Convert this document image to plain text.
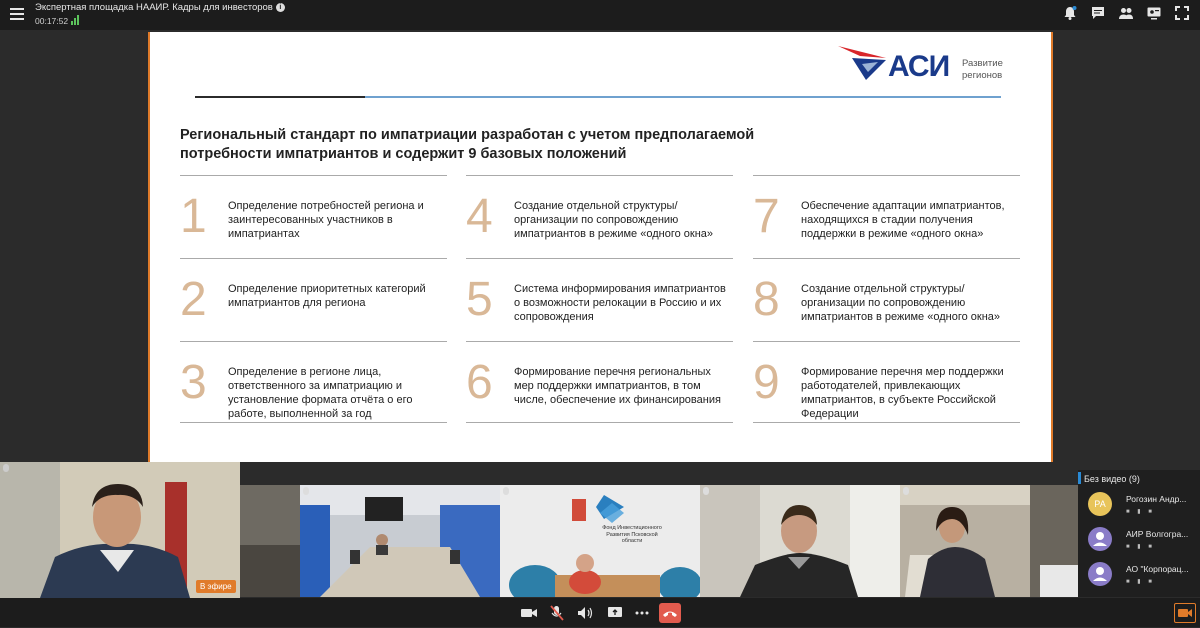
Экспертная площадка НААИР. Кадры для инвесторов i
00:17:52
АСИ Развитие регионов
Региональный стандарт по импатриации разработан с учетом предполагаемой потребности импатриантов и содержит 9 базовых положений
1 Определение потребностей региона и заинтересованных участников в импатриантах
2 Определение приоритетных категорий импатриантов для региона
3 Определение в регионе лица, ответственного за импатриацию и установление формата отчёта о его работе, выполненной за год
4 Создание отдельной структуры/ организации по сопровождению импатриантов в режиме «одного окна»
5 Система информирования импатриантов о возможности релокации в Россию и их сопровождения
6 Формирование перечня региональных мер поддержки импатриантов, в том числе, обеспечение их финансирования
7 Обеспечение адаптации импатриантов, находящихся в стадии получения поддержки в режиме «одного окна»
8 Создание отдельной структуры/ организации по сопровождению импатриантов в режиме «одного окна»
9 Формирование перечня мер поддержки работодателей, привлекающих импатриантов, в субъекте Российской Федерации
В эфире
Фонд Инвестиционного Развития Псковской области
Без видео (9)
РА	Рогозин Андр...
■ ▮ ■
АИР Волгогра...
■ ▮ ■
АО "Корпорац...
■ ▮ ■
